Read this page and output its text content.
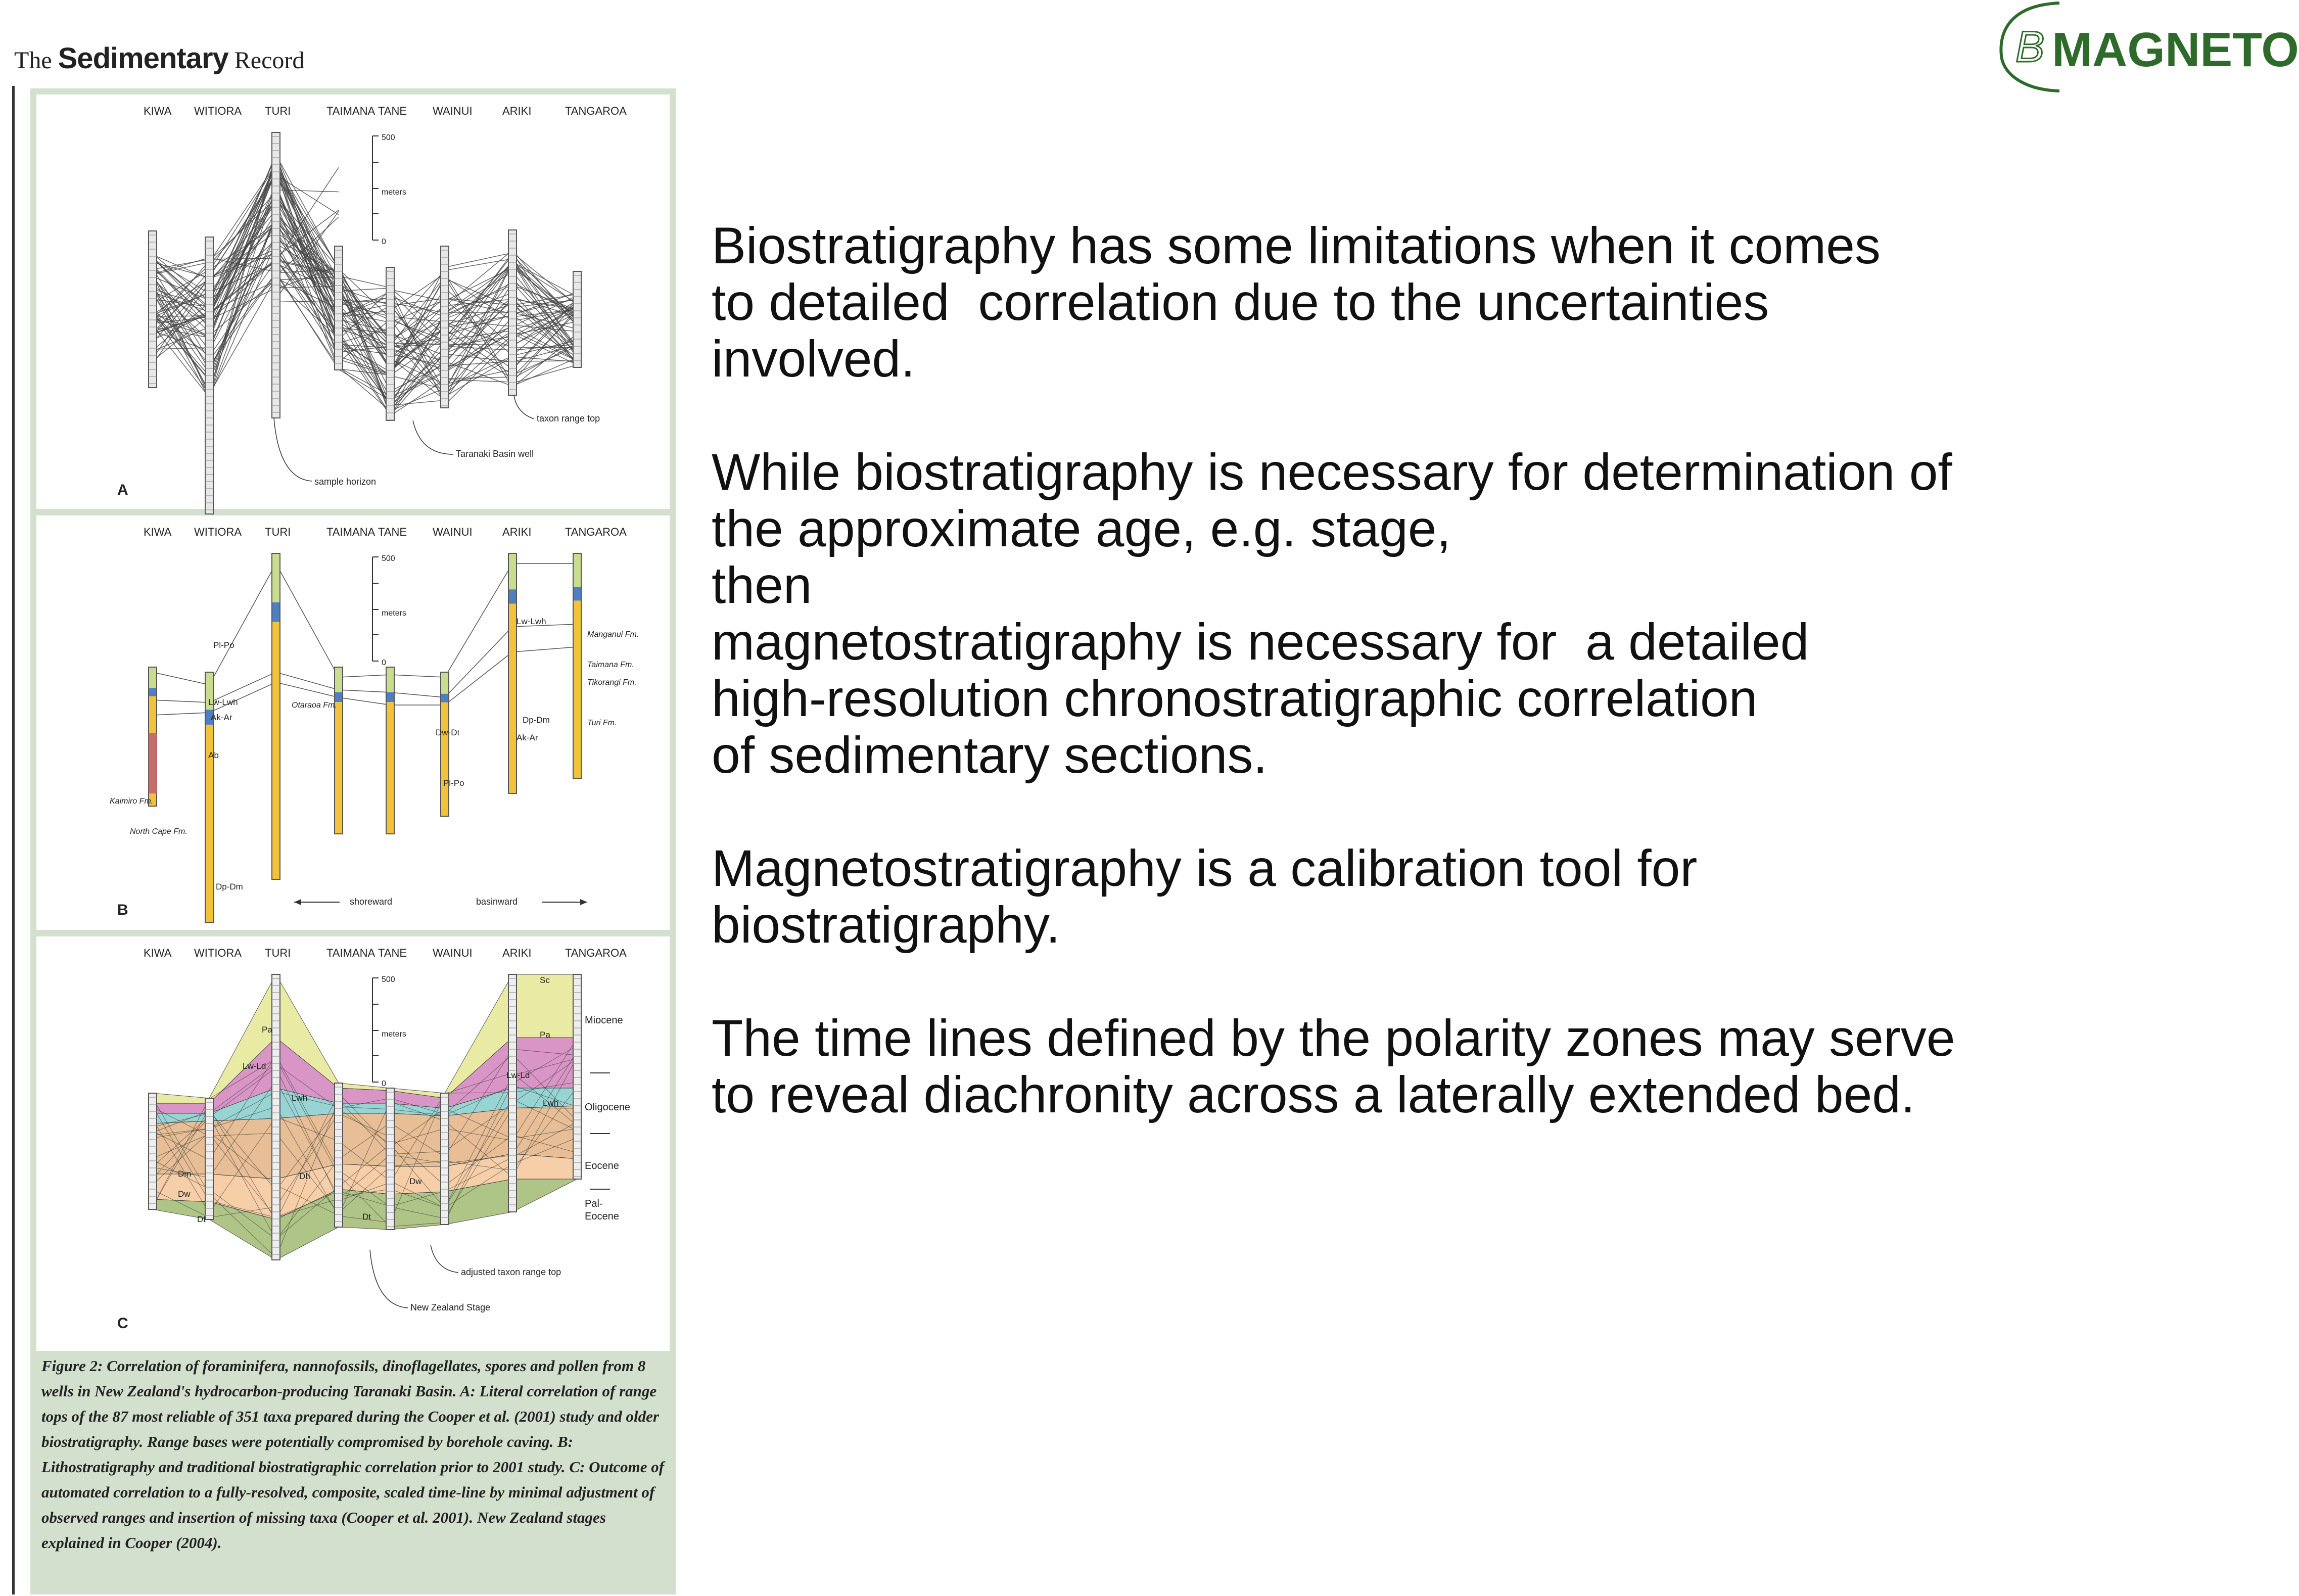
The Sedimentary Record
KIWA WITIORA TURI	TAIMANA TANE WAINUI	ARIKI	TANGAROA
500
meters
0
taxon range top
Taranaki Basin well
sample horizon
A
KIWA WITIORA TURI	TAIMANA TANE WAINUI	ARIKI	TANGAROA
500
meters
0
Pl-Po
Lw-Lwh
Ak-Ar
Ab
Dp-Dm
Dw-Dt
Pl-Po
Lw-Lwh
Ak-Ar
Dp-Dm
Manganui Fm.
Taimana Fm.
Tikorangi Fm.
Turi Fm.
Otaraoa Fm.
Kaimiro Fm.
North Cape Fm.
shoreward	basinward
B
KIWA WITIORA TURI	TAIMANA TANE WAINUI	ARIKI	TANGAROA
500
meters
0
Pa
Lw-Ld
Lwh
Dm
Dw
Dt
Dh
Dw
Dt
Sc
Pa
Lw-Ld
Lwh
Miocene
Oligocene
Eocene
Pal-
Eocene
adjusted taxon range top
New Zealand Stage
C
Figure 2: Correlation of foraminifera, nannofossils, dinoflagellates, spores and pollen from 8 wells in New Zealand's hydrocarbon-producing Taranaki Basin. A: Literal correlation of range tops of the 87 most reliable of 351 taxa prepared during the Cooper et al. (2001) study and older biostratigraphy. Range bases were potentially compromised by borehole caving. B: Lithostratigraphy and traditional biostratigraphic correlation prior to 2001 study. C: Outcome of automated correlation to a fully-resolved, composite, scaled time-line by minimal adjustment of observed ranges and insertion of missing taxa (Cooper et al. 2001). New Zealand stages explained in Cooper (2004).

Biostratigraphy has some limitations when it comes
to detailed  correlation due to the uncertainties
involved.

While biostratigraphy is necessary for determination of
the approximate age, e.g. stage,
then
magnetostratigraphy is necessary for  a detailed
high-resolution chronostratigraphic correlation
of sedimentary sections.

Magnetostratigraphy is a calibration tool for
biostratigraphy.

The time lines defined by the polarity zones may serve
to reveal diachronity across a laterally extended bed.

B MAGNETO
